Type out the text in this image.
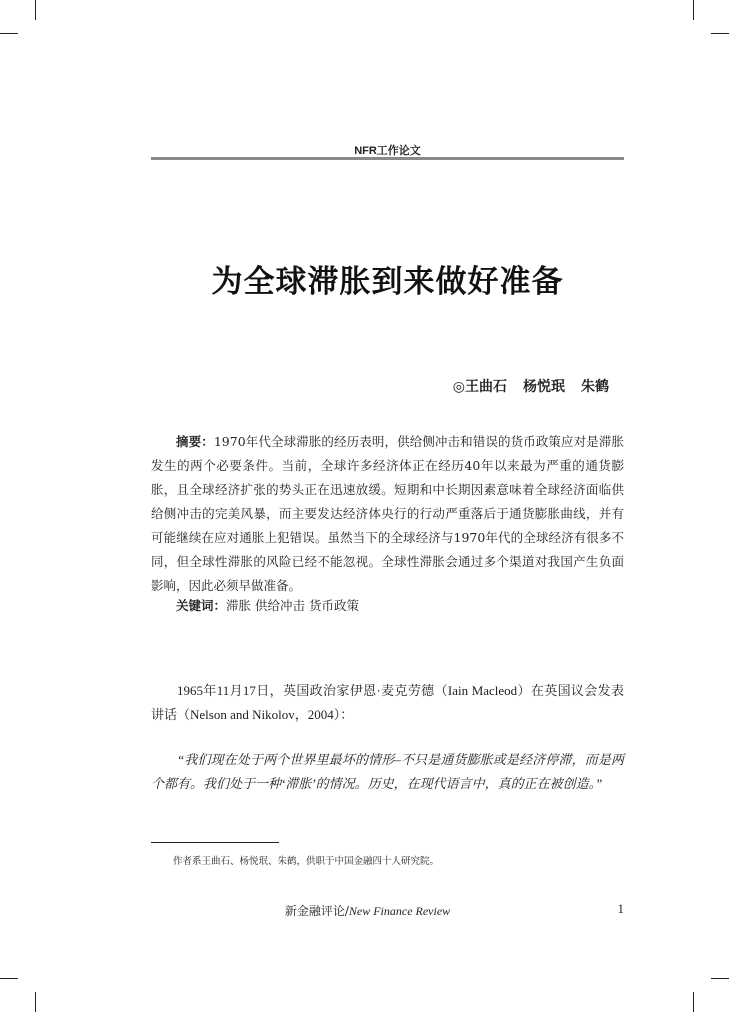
NFR工作论文
为全球滞胀到来做好准备
◎王曲石 杨悦珉 朱鹤

摘要：1970年代全球滞胀的经历表明，供给侧冲击和错误的货币政策应对是滞胀发生的两个必要条件。当前，全球许多经济体正在经历40年以来最为严重的通货膨胀，且全球经济扩张的势头正在迅速放缓。短期和中长期因素意味着全球经济面临供给侧冲击的完美风暴，而主要发达经济体央行的行动严重落后于通货膨胀曲线，并有可能继续在应对通胀上犯错误。虽然当下的全球经济与1970年代的全球经济有很多不同，但全球性滞胀的风险已经不能忽视。全球性滞胀会通过多个渠道对我国产生负面影响，因此必须早做准备。

关键词：滞胀 供给冲击 货币政策

1965年11月17日，英国政治家伊恩·麦克劳德（Iain Macleod）在英国议会发表讲话（Nelson and Nikolov，2004）：

“我们现在处于两个世界里最坏的情形–不只是通货膨胀或是经济停滞，而是两个都有。我们处于一种‘滞胀’的情况。历史，在现代语言中，真的正在被创造。”

作者系王曲石、杨悦珉、朱鹤，供职于中国金融四十人研究院。
新金融评论/New Finance Review	1
